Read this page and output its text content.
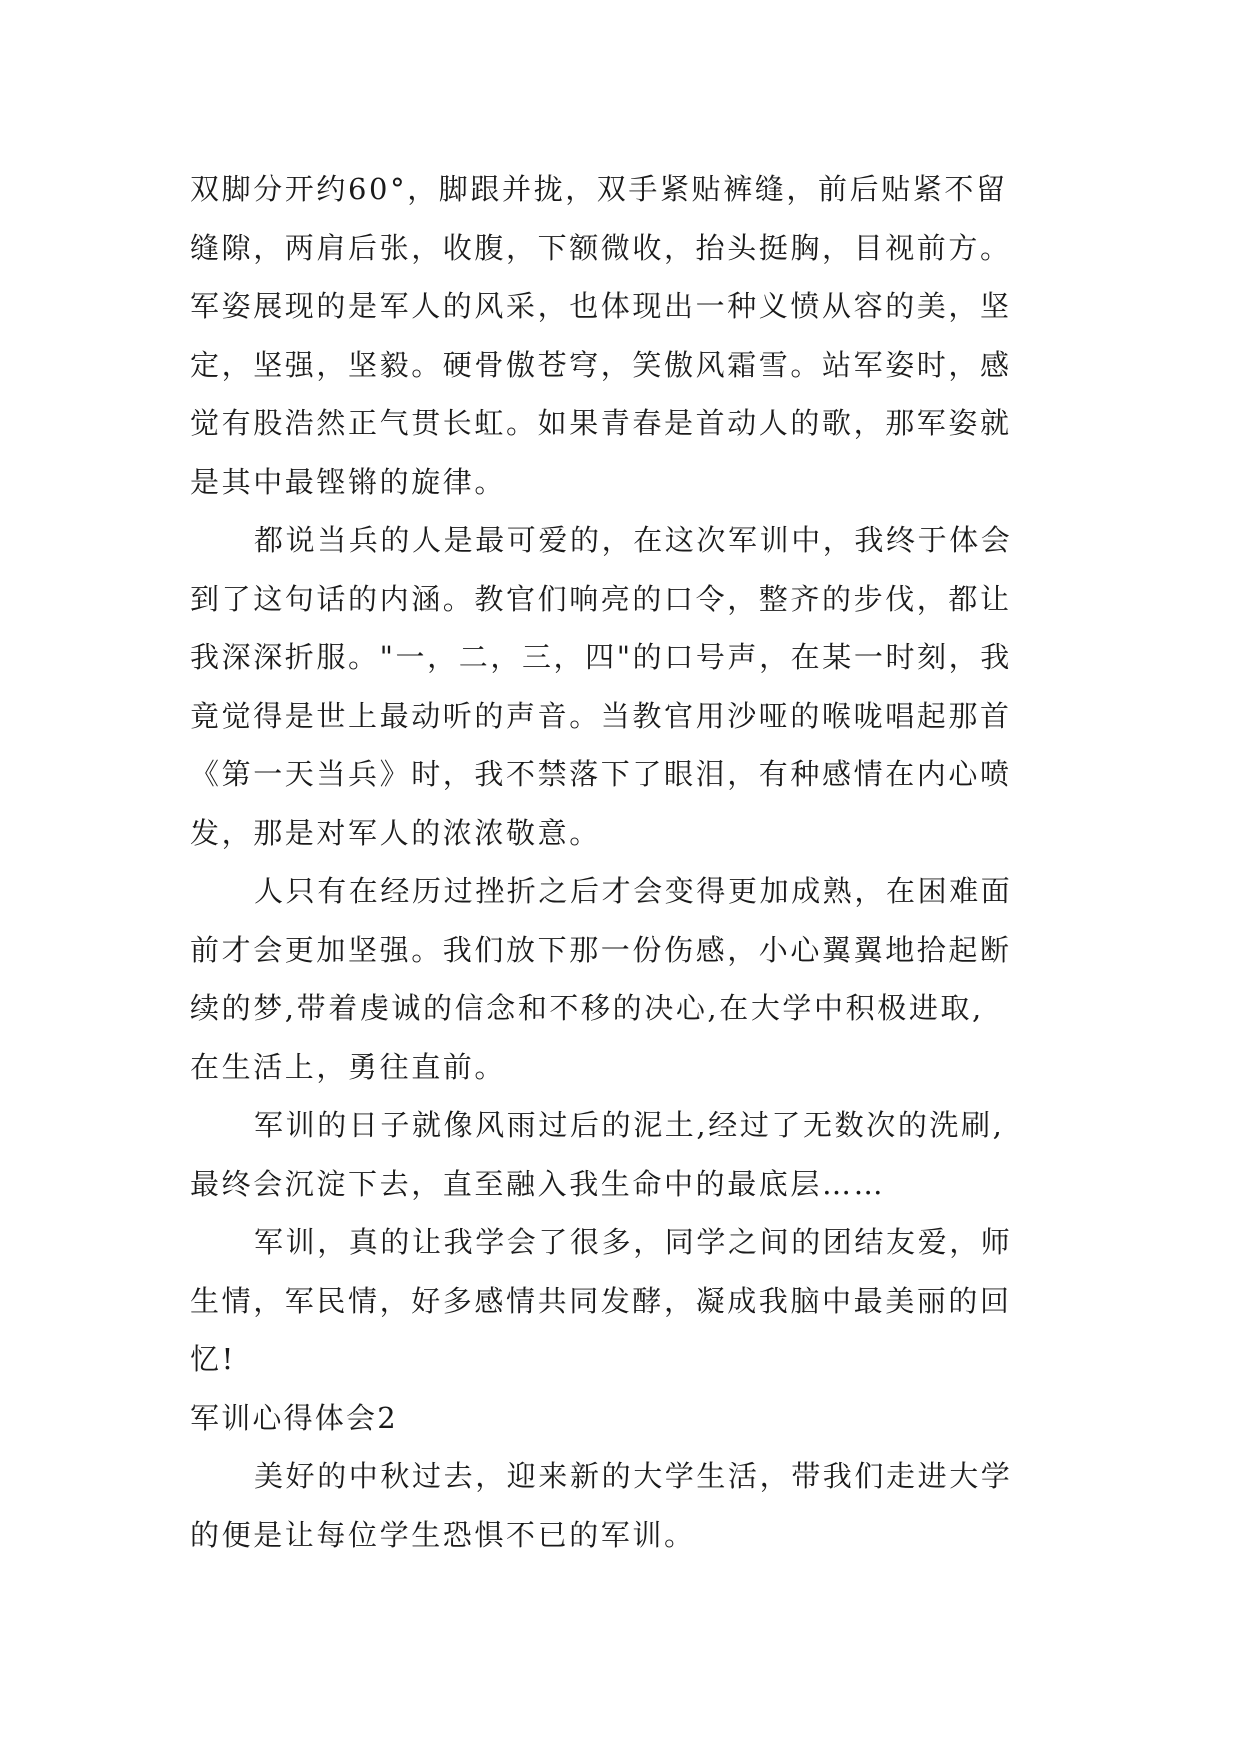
双脚分开约60°，脚跟并拢，双手紧贴裤缝，前后贴紧不留
缝隙，两肩后张，收腹，下额微收，抬头挺胸，目视前方。
军姿展现的是军人的风采，也体现出一种义愤从容的美，坚
定，坚强，坚毅。硬骨傲苍穹，笑傲风霜雪。站军姿时，感
觉有股浩然正气贯长虹。如果青春是首动人的歌，那军姿就
是其中最铿锵的旋律。
都说当兵的人是最可爱的，在这次军训中，我终于体会
到了这句话的内涵。教官们响亮的口令，整齐的步伐，都让
我深深折服。"一，二，三，四"的口号声，在某一时刻，我
竟觉得是世上最动听的声音。当教官用沙哑的喉咙唱起那首
《第一天当兵》时，我不禁落下了眼泪，有种感情在内心喷
发，那是对军人的浓浓敬意。
人只有在经历过挫折之后才会变得更加成熟，在困难面
前才会更加坚强。我们放下那一份伤感，小心翼翼地拾起断
续的梦,带着虔诚的信念和不移的决心,在大学中积极进取,
在生活上，勇往直前。
军训的日子就像风雨过后的泥土,经过了无数次的洗刷,
最终会沉淀下去，直至融入我生命中的最底层……
军训，真的让我学会了很多，同学之间的团结友爱，师
生情，军民情，好多感情共同发酵，凝成我脑中最美丽的回
忆!
军训心得体会2
美好的中秋过去，迎来新的大学生活，带我们走进大学
的便是让每位学生恐惧不已的军训。
